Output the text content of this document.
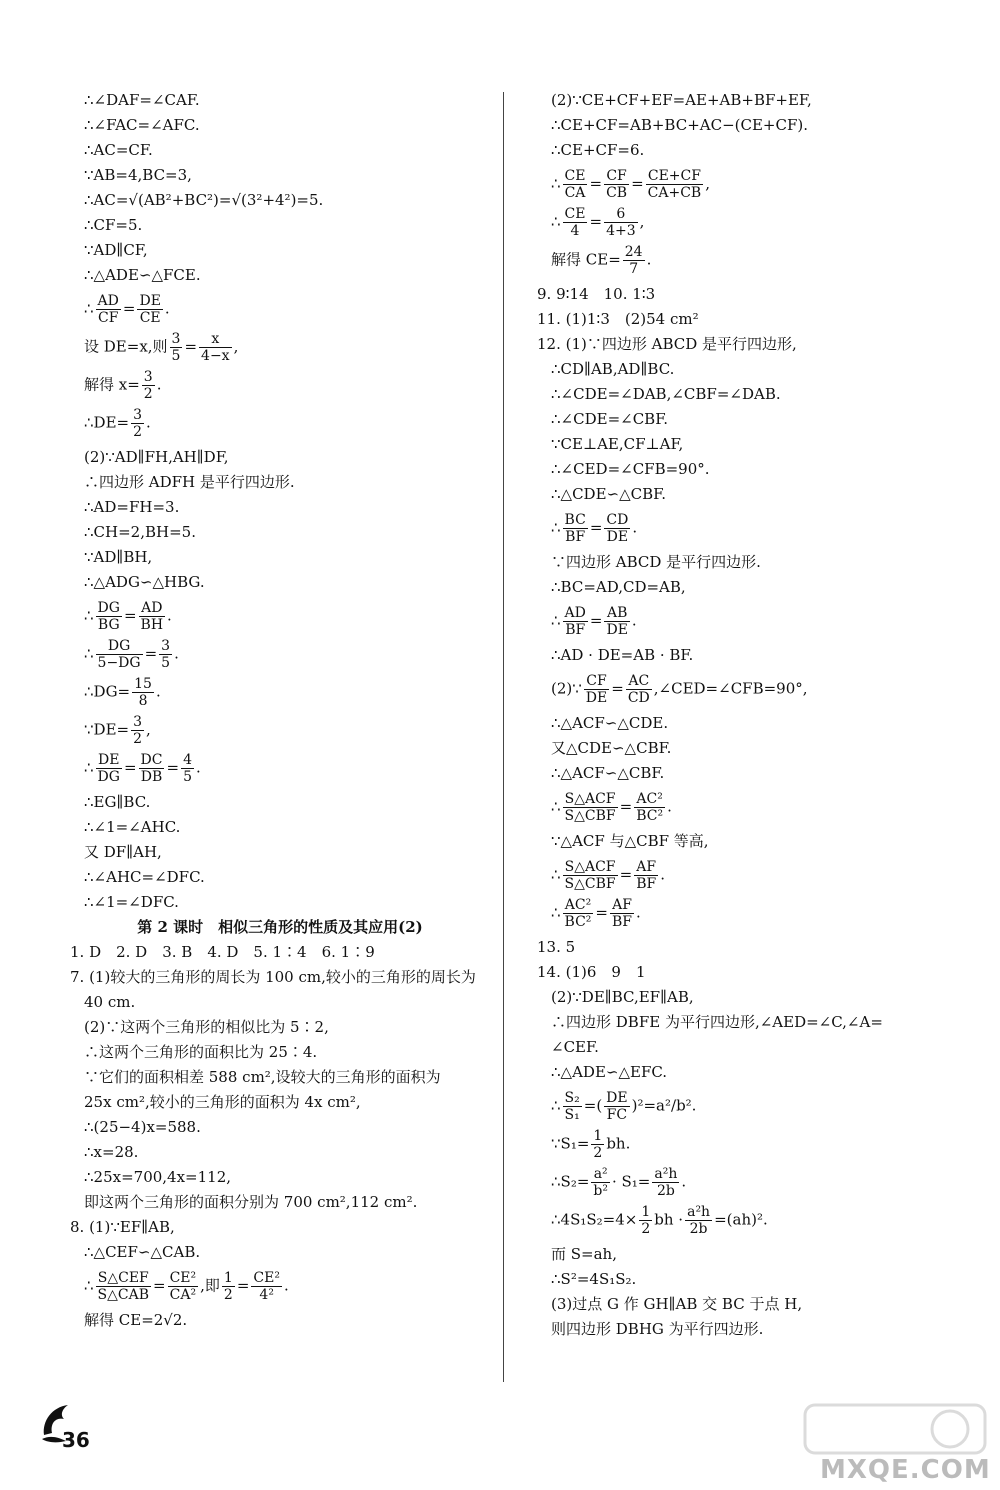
∴∠DAF=∠CAF.
∴∠FAC=∠AFC.
∴AC=CF.
∵AB=4,BC=3,
∴AC=√(AB²+BC²)=√(3²+4²)=5.
∴CF=5.
∵AD∥CF,
∴△ADE∽△FCE.
∴ $\frac{AD}{CF} = \frac{DE}{CE}$ .
设 DE=x,则 $\frac{3}{5} = \frac{x}{4-x}$ ,
解得 $x= \frac{3}{2}$ .
∴DE= $\frac{3}{2}$ .
(2)∵AD∥FH,AH∥DF,
∴四边形 ADFH 是平行四边形.
∴AD=FH=3.
∴CH=2,BH=5.
∵AD∥BH,
∴△ADG∽△HBG.
∴ $\frac{DG}{BG} = \frac{AD}{BH}$ .
∴ $\frac{DG}{5-DG} = \frac{3}{5}$ .
∴DG= $\frac{15}{8}$ .
∵DE= $\frac{3}{2}$ ,
∴ $\frac{DE}{DG} = \frac{DC}{DB} = \frac{4}{5}$ .
∴EG∥BC.
∴∠1=∠AHC.
又 DF∥AH,
∴∠AHC=∠DFC.
∴∠1=∠DFC.
第 2 课时　相似三角形的性质及其应用(2)
1. D　2. D　3. B　4. D　5. 1∶4　6. 1∶9
7. (1)较大的三角形的周长为 100 cm,较小的三角形的周长为
40 cm.
(2)∵这两个三角形的相似比为 5∶2,
∴这两个三角形的面积比为 25∶4.
∵它们的面积相差 588 cm²,设较大的三角形的面积为
25x cm²,较小的三角形的面积为 4x cm²,
∴(25−4)x=588.
∴x=28.
∴25x=700,4x=112,
即这两个三角形的面积分别为 700 cm²,112 cm².
8. (1)∵EF∥AB,
∴△CEF∽△CAB.
∴ $\frac{\text{S△CEF}}{\text{S△CAB}} = \frac{\text{CE²}}{\text{CA²}}$ ,即 $\frac{1}{2} = \frac{\text{CE²}}{\text{4²}}$ .
解得 CE=2√2.
(2)∵CE+CF+EF=AE+AB+BF+EF,
∴CE+CF=AB+BC+AC−(CE+CF).
∴CE+CF=6.
∴ $\frac{CE}{CA} = \frac{CF}{CB} = \frac{CE+CF}{CA+CB}$ ,
∴ $\frac{CE}{4} = \frac{6}{4+3}$ ,
解得 $CE= \frac{24}{7}$ .
9. 9∶14　10. 1∶3
11. (1)1∶3　(2)54 cm²
12. (1)∵四边形 ABCD 是平行四边形,
∴CD∥AB,AD∥BC.
∴∠CDE=∠DAB,∠CBF=∠DAB.
∴∠CDE=∠CBF.
∵CE⊥AE,CF⊥AF,
∴∠CED=∠CFB=90°.
∴△CDE∽△CBF.
∴ $\frac{BC}{BF} = \frac{CD}{DE}$ .
∵四边形 ABCD 是平行四边形.
∴BC=AD,CD=AB,
∴ $\frac{AD}{BF} = \frac{AB}{DE}$ .
∴AD · DE=AB · BF.
(2)∵ $\frac{CF}{DE} = \frac{AC}{CD}$ ,∠CED=∠CFB=90°,
∴△ACF∽△CDE.
又△CDE∽△CBF.
∴△ACF∽△CBF.
∴ $\frac{\text{S△ACF}}{\text{S△CBF}} = \frac{\text{AC²}}{\text{BC²}}$ .
∵△ACF 与△CBF 等高,
∴ $\frac{\text{S△ACF}}{\text{S△CBF}} = \frac{AF}{BF}$ .
∴ $\frac{\text{AC²}}{\text{BC²}} = \frac{AF}{BF}$ .
13. 5
14. (1)6　9　1
(2)∵DE∥BC,EF∥AB,
∴四边形 DBFE 为平行四边形,∠AED=∠C,∠A=
∠CEF.
∴△ADE∽△EFC.
∴ $\frac{\text{S₂}}{\text{S₁}}$ =( $\frac{DE}{FC} )^2=a^2/b^2$.
∵S₁= $\frac{1}{2}$ bh.
∴S₂= $\frac{\text{a²}}{\text{b²}} \cdot S_1= \frac{\text{a²h}}{2b}$ .
∴4S₁S₂=4× $\frac{1}{2}$ bh · $\frac{\text{a²h}}{2b} =(ah)^2$.
而 S=ah,
∴S²=4S₁S₂.
(3)过点 G 作 GH∥AB 交 BC 于点 H,
则四边形 DBHG 为平行四边形.
36
MXQE.COM
